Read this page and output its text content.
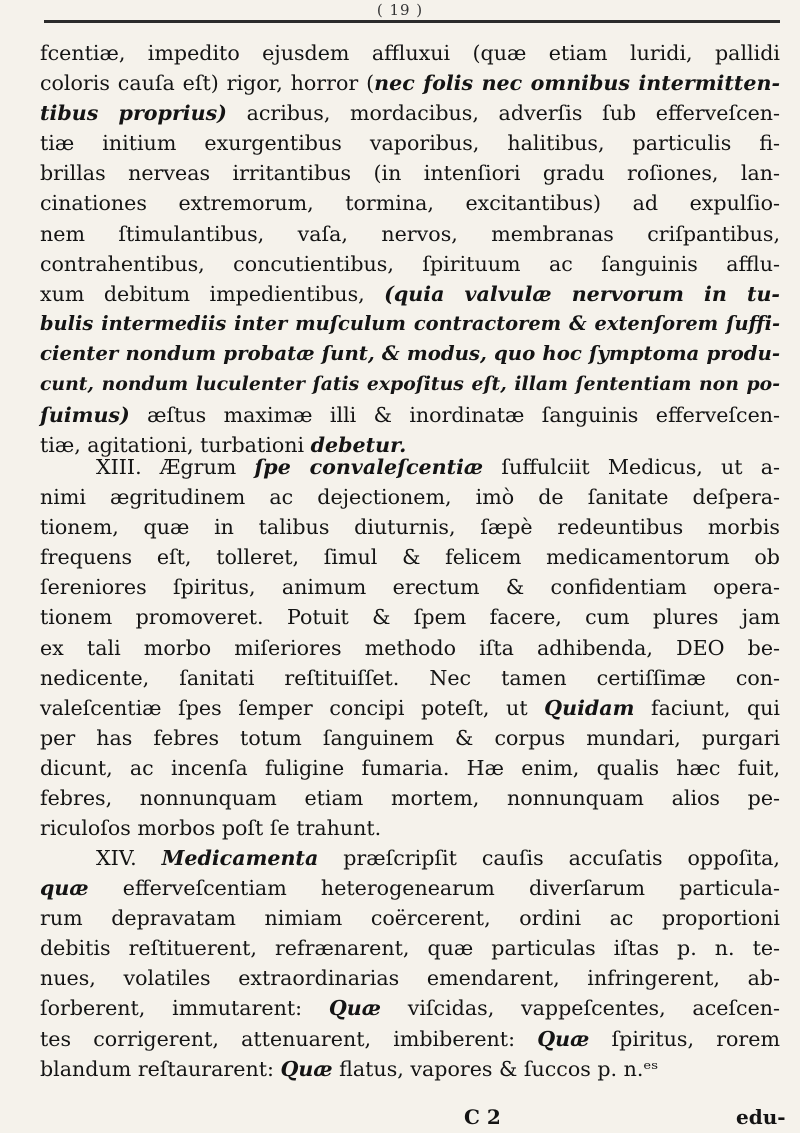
( 19 )
fcentiæ, impedito ejusdem affluxui (quæ etiam luridi, pallidi
coloris cauſa eſt) rigor, horror (nec folis nec omnibus intermitten-
tibus proprius) acribus, mordacibus, adverſis ſub efferveſcen-
tiæ initium exurgentibus vaporibus, halitibus, particulis fi-
brillas nerveas irritantibus (in intenſiori gradu roſiones, lan-
cinationes extremorum, tormina, excitantibus) ad expulſio-
nem ſtimulantibus, vaſa, nervos, membranas criſpantibus,
contrahentibus, concutientibus, ſpirituum ac ſanguinis afflu-
xum debitum impedientibus, (quia valvulæ nervorum in tu-
bulis intermediis inter muſculum contractorem & extenſorem ſuffi-
cienter nondum probatæ ſunt, & modus, quo hoc ſymptoma produ-
cunt, nondum luculenter ſatis expoſitus eſt, illam ſententiam non po-
ſuimus) æſtus maximæ illi & inordinatæ ſanguinis efferveſcen-
tiæ, agitationi, turbationi debetur.
XIII. Ægrum ſpe convaleſcentiæ ſuffulciit Medicus, ut a-
nimi ægritudinem ac dejectionem, imò de ſanitate deſpera-
tionem, quæ in talibus diuturnis, ſæpè redeuntibus morbis
frequens eſt, tolleret, ſimul & felicem medicamentorum ob
ſereniores ſpiritus, animum erectum & confidentiam opera-
tionem promoveret. Potuit & ſpem facere, cum plures jam
ex tali morbo miſeriores methodo iſta adhibenda, DEO be-
nedicente, ſanitati reſtituiſſet. Nec tamen certiſſimæ con-
valeſcentiæ ſpes ſemper concipi poteſt, ut Quidam faciunt, qui
per has febres totum ſanguinem & corpus mundari, purgari
dicunt, ac incenſa fuligine fumaria. Hæ enim, qualis hæc fuit,
febres, nonnunquam etiam mortem, nonnunquam alios pe-
riculoſos morbos poſt ſe trahunt.
XIV. Medicamenta præſcripſit cauſis accuſatis oppoſita,
quæ efferveſcentiam heterogenearum diverſarum particula-
rum depravatam nimiam coërcerent, ordini ac proportioni
debitis reſtituerent, refrænarent, quæ particulas iſtas p. n. te-
nues, volatiles extraordinarias emendarent, infringerent, ab-
ſorberent, immutarent: Quæ viſcidas, vappeſcentes, aceſcen-
tes corrigerent, attenuarent, imbiberent: Quæ ſpiritus, rorem
blandum reſtaurarent: Quæ flatus, vapores & ſuccos p. n.ᵉˢ
C 2	edu-
